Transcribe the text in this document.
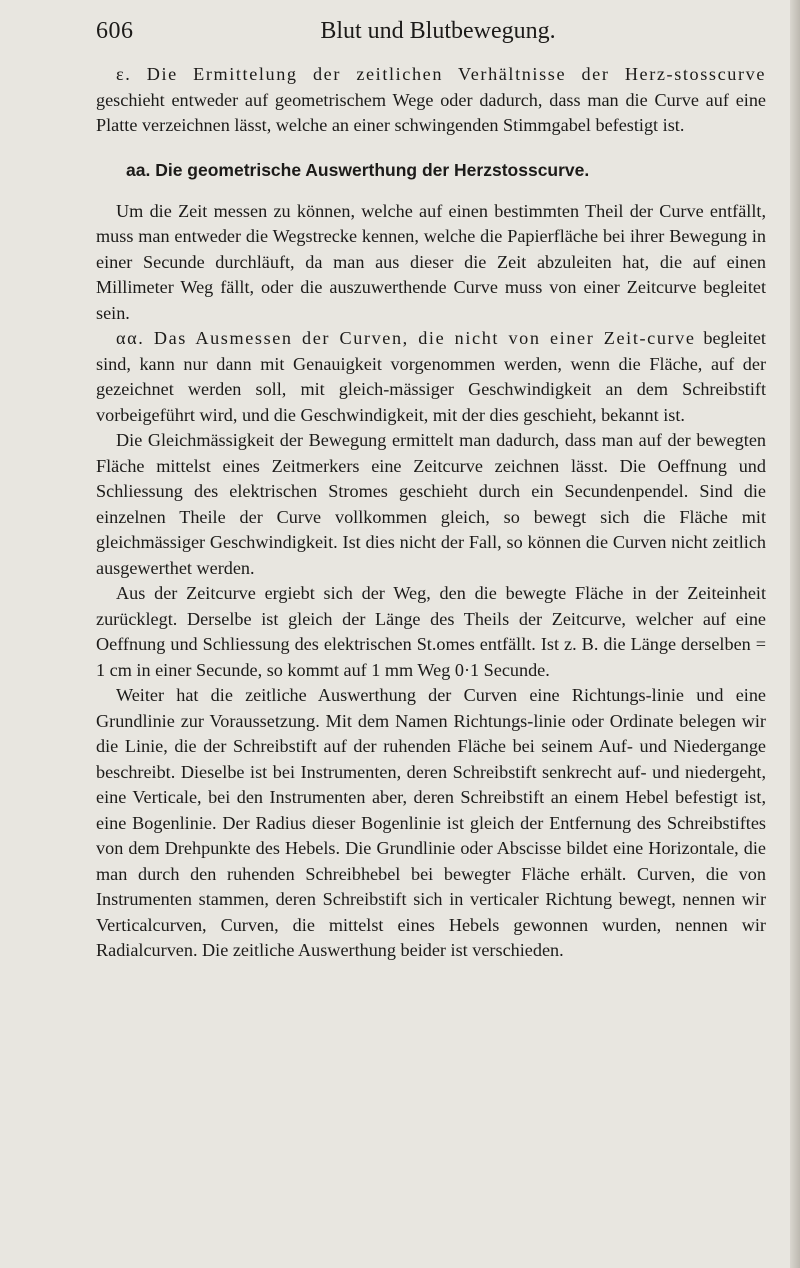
606	Blut und Blutbewegung.

ε. Die Ermittelung der zeitlichen Verhältnisse der Herz-stosscurve geschieht entweder auf geometrischem Wege oder dadurch, dass man die Curve auf eine Platte verzeichnen lässt, welche an einer schwingenden Stimmgabel befestigt ist.

aa. Die geometrische Auswerthung der Herzstosscurve.

Um die Zeit messen zu können, welche auf einen bestimmten Theil der Curve entfällt, muss man entweder die Wegstrecke kennen, welche die Papierfläche bei ihrer Bewegung in einer Secunde durchläuft, da man aus dieser die Zeit abzuleiten hat, die auf einen Millimeter Weg fällt, oder die auszuwerthende Curve muss von einer Zeitcurve begleitet sein.

αα. Das Ausmessen der Curven, die nicht von einer Zeit-curve begleitet sind, kann nur dann mit Genauigkeit vorgenommen werden, wenn die Fläche, auf der gezeichnet werden soll, mit gleich-mässiger Geschwindigkeit an dem Schreibstift vorbeigeführt wird, und die Geschwindigkeit, mit der dies geschieht, bekannt ist.

Die Gleichmässigkeit der Bewegung ermittelt man dadurch, dass man auf der bewegten Fläche mittelst eines Zeitmerkers eine Zeitcurve zeichnen lässt. Die Oeffnung und Schliessung des elektrischen Stromes geschieht durch ein Secundenpendel. Sind die einzelnen Theile der Curve vollkommen gleich, so bewegt sich die Fläche mit gleichmässiger Geschwindigkeit. Ist dies nicht der Fall, so können die Curven nicht zeitlich ausgewerthet werden.

Aus der Zeitcurve ergiebt sich der Weg, den die bewegte Fläche in der Zeiteinheit zurücklegt. Derselbe ist gleich der Länge des Theils der Zeitcurve, welcher auf eine Oeffnung und Schliessung des elektrischen St.omes entfällt. Ist z. B. die Länge derselben = 1 cm in einer Secunde, so kommt auf 1 mm Weg 0·1 Secunde.

Weiter hat die zeitliche Auswerthung der Curven eine Richtungs-linie und eine Grundlinie zur Voraussetzung. Mit dem Namen Richtungs-linie oder Ordinate belegen wir die Linie, die der Schreibstift auf der ruhenden Fläche bei seinem Auf- und Niedergange beschreibt. Dieselbe ist bei Instrumenten, deren Schreibstift senkrecht auf- und niedergeht, eine Verticale, bei den Instrumenten aber, deren Schreibstift an einem Hebel befestigt ist, eine Bogenlinie. Der Radius dieser Bogenlinie ist gleich der Entfernung des Schreibstiftes von dem Drehpunkte des Hebels. Die Grundlinie oder Abscisse bildet eine Horizontale, die man durch den ruhenden Schreibhebel bei bewegter Fläche erhält. Curven, die von Instrumenten stammen, deren Schreibstift sich in verticaler Richtung bewegt, nennen wir Verticalcurven, Curven, die mittelst eines Hebels gewonnen wurden, nennen wir Radialcurven. Die zeitliche Auswerthung beider ist verschieden.
